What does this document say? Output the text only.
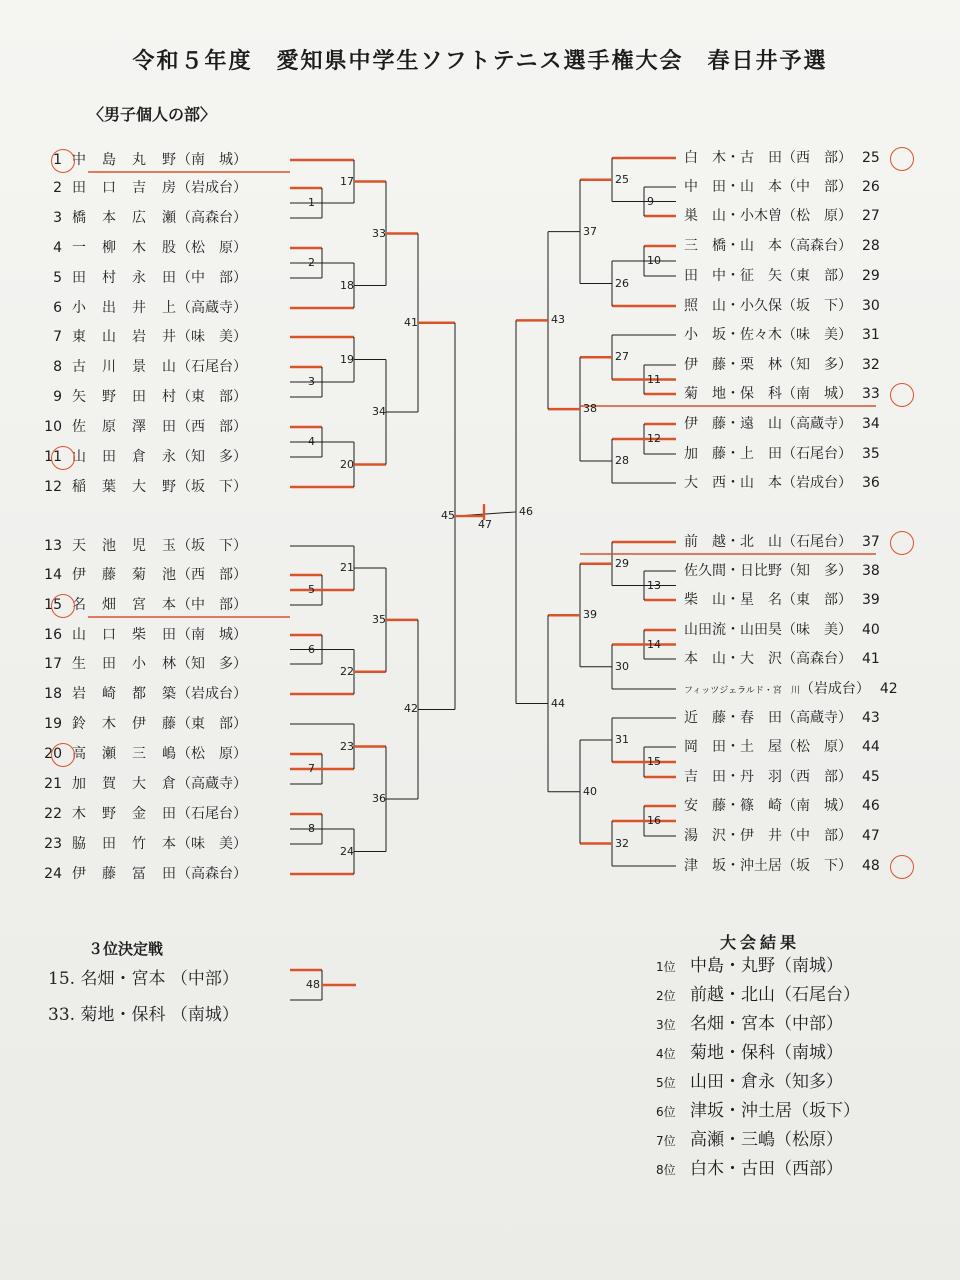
令和５年度　愛知県中学生ソフトテニス選手権大会　春日井予選
〈男子個人の部〉
1 中　島　丸　野（南　城）
2 田　口　吉　房（岩成台）
3 橋　本　広　瀬（高森台）
4 一　柳　木　股（松　原）
5 田　村　永　田（中　部）
6 小　出　井　上（高蔵寺）
7 東　山　岩　井（味　美）
8 古　川　景　山（石尾台）
9 矢　野　田　村（東　部）
10 佐　原　澤　田（西　部）
11 山　田　倉　永（知　多）
12 稲　葉　大　野（坂　下）
13 天　池　児　玉（坂　下）
14 伊　藤　菊　池（西　部）
15 名　畑　宮　本（中　部）
16 山　口　柴　田（南　城）
17 生　田　小　林（知　多）
18 岩　崎　都　築（岩成台）
19 鈴　木　伊　藤（東　部）
20 高　瀬　三　嶋（松　原）
21 加　賀　大　倉（高蔵寺）
22 木　野　金　田（石尾台）
23 脇　田　竹　本（味　美）
24 伊　藤　冨　田（高森台）
白　木・古　田（西　部） 25
中　田・山　本（中　部） 26
巣　山・小木曽（松　原） 27
三　橋・山　本（高森台） 28
田　中・征　矢（東　部） 29
照　山・小久保（坂　下） 30
小　坂・佐々木（味　美） 31
伊　藤・栗　林（知　多） 32
菊　地・保　科（南　城） 33
伊　藤・遠　山（高蔵寺） 34
加　藤・上　田（石尾台） 35
大　西・山　本（岩成台） 36
前　越・北　山（石尾台） 37
佐久間・日比野（知　多） 38
柴　山・星　名（東　部） 39
山田流・山田昊（味　美） 40
本　山・大　沢（高森台） 41
フィッツジェラルド・宮　川（岩成台） 42
近　藤・春　田（高蔵寺） 43
岡　田・土　屋（松　原） 44
吉　田・丹　羽（西　部） 45
安　藤・篠　崎（南　城） 46
湯　沢・伊　井（中　部） 47
津　坂・沖土居（坂　下） 48
1
17
2
18
3
19
4
20
33
34
41
5
21
6
22
7
23
8
24
35
36
42
45
9
25
10
26
11
27
12
28
37
38
43
13
29
14
30
15
31
16
32
39
40
44
46
47
48
３位決定戦
15. 名畑・宮本 （中部）
33. 菊地・保科 （南城）
大会結果
1位 中島・丸野（南城）
2位 前越・北山（石尾台）
3位 名畑・宮本（中部）
4位 菊地・保科（南城）
5位 山田・倉永（知多）
6位 津坂・沖土居（坂下）
7位 高瀬・三嶋（松原）
8位 白木・古田（西部）
